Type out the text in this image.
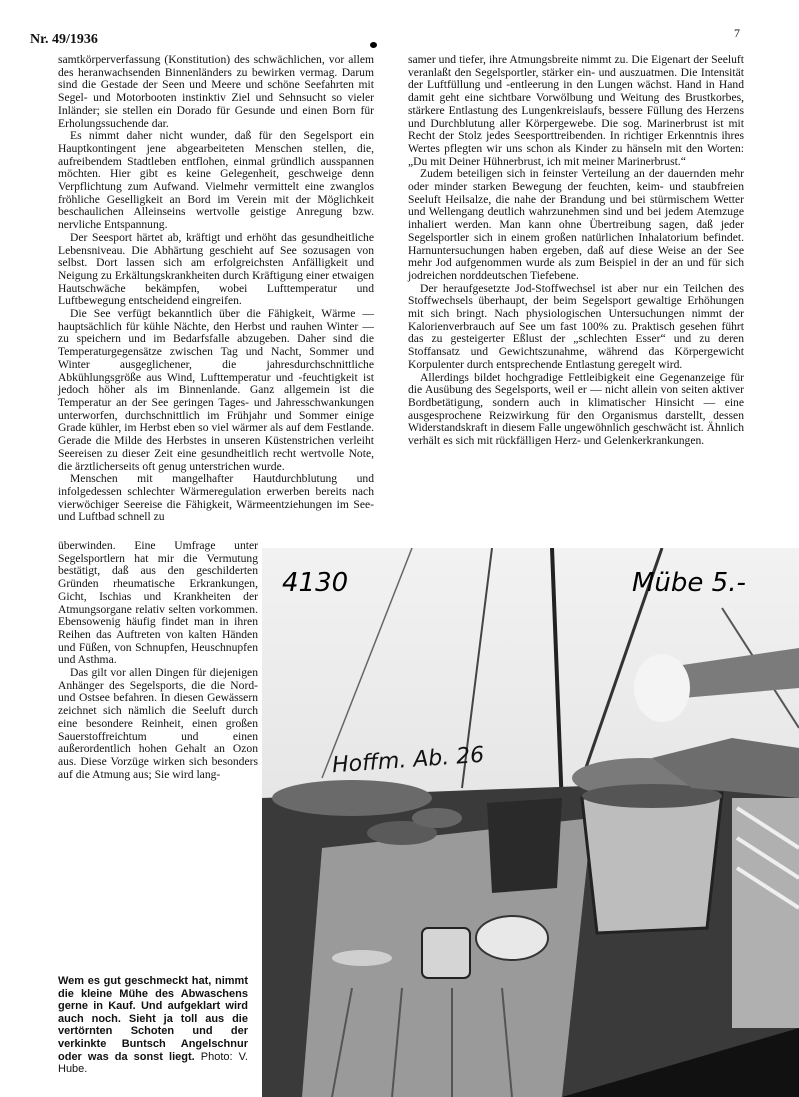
Nr. 49/1936	7

samtkörperverfassung (Konstitution) des schwächlichen, vor allem des heranwachsenden Binnenländers zu bewirken vermag. Darum sind die Gestade der Seen und Meere und schöne Seefahrten mit Segel- und Motorbooten instinktiv Ziel und Sehnsucht so vieler Inländer; sie stellen ein Dorado für Gesunde und einen Born für Erholungssuchende dar.

Es nimmt daher nicht wunder, daß für den Segelsport ein Hauptkontingent jene abgearbeiteten Menschen stellen, die, aufreibendem Stadtleben entflohen, einmal gründlich ausspannen möchten. Hier gibt es keine Gelegenheit, geschweige denn Verpflichtung zum Aufwand. Vielmehr vermittelt eine zwanglos fröhliche Geselligkeit an Bord im Verein mit der Möglichkeit beschaulichen Alleinseins wertvolle geistige Anregung bzw. nervliche Entspannung.

Der Seesport härtet ab, kräftigt und erhöht das gesundheitliche Lebensniveau. Die Abhärtung geschieht auf See sozusagen von selbst. Dort lassen sich am erfolgreichsten Anfälligkeit und Neigung zu Erkältungskrankheiten durch Kräftigung einer etwaigen Hautschwäche bekämpfen, wobei Lufttemperatur und Luftbewegung entscheidend eingreifen.

Die See verfügt bekanntlich über die Fähigkeit, Wärme — hauptsächlich für kühle Nächte, den Herbst und rauhen Winter — zu speichern und im Bedarfsfalle abzugeben. Daher sind die Temperaturgegensätze zwischen Tag und Nacht, Sommer und Winter ausgeglichener, die jahresdurchschnittliche Abkühlungsgröße aus Wind, Lufttemperatur und -feuchtigkeit ist jedoch höher als im Binnenlande. Ganz allgemein ist die Temperatur an der See geringen Tages- und Jahresschwankungen unterworfen, durchschnittlich im Frühjahr und Sommer einige Grade kühler, im Herbst eben so viel wärmer als auf dem Festlande. Gerade die Milde des Herbstes in unseren Küstenstrichen verleiht Seereisen zu dieser Zeit eine gesundheitlich recht wertvolle Note, die ärztlicherseits oft genug unterstrichen wurde.

Menschen mit mangelhafter Hautdurchblutung und infolgedessen schlechter Wärmeregulation erwerben bereits nach vierwöchiger Seereise die Fähigkeit, Wärmeentziehungen im See- und Luftbad schnell zu

überwinden. Eine Umfrage unter Segelsportlern hat mir die Vermutung bestätigt, daß aus den geschilderten Gründen rheumatische Erkrankungen, Gicht, Ischias und Krankheiten der Atmungsorgane relativ selten vorkommen. Ebensowenig häufig findet man in ihren Reihen das Auftreten von kalten Händen und Füßen, von Schnupfen, Heuschnupfen und Asthma.

Das gilt vor allen Dingen für diejenigen Anhänger des Segelsports, die die Nord- und Ostsee befahren. In diesen Gewässern zeichnet sich nämlich die Seeluft durch eine besondere Reinheit, einen großen Sauerstoffreichtum und einen außerordentlich hohen Gehalt an Ozon aus. Diese Vorzüge wirken sich besonders auf die Atmung aus; Sie wird lang-

samer und tiefer, ihre Atmungsbreite nimmt zu. Die Eigenart der Seeluft veranlaßt den Segelsportler, stärker ein- und auszuatmen. Die Intensität der Luftfüllung und -entleerung in den Lungen wächst. Hand in Hand damit geht eine sichtbare Vorwölbung und Weitung des Brustkorbes, stärkere Entlastung des Lungenkreislaufs, bessere Füllung des Herzens und Durchblutung aller Körpergewebe. Die sog. Marinerbrust ist mit Recht der Stolz jedes Seesporttreibenden. In richtiger Erkenntnis ihres Wertes pflegten wir uns schon als Kinder zu hänseln mit den Worten: „Du mit Deiner Hühnerbrust, ich mit meiner Marinerbrust.“

Zudem beteiligen sich in feinster Verteilung an der dauernden mehr oder minder starken Bewegung der feuchten, keim- und staubfreien Seeluft Heilsalze, die nahe der Brandung und bei stürmischem Wetter und Wellengang deutlich wahrzunehmen sind und bei jedem Atemzuge inhaliert werden. Man kann ohne Übertreibung sagen, daß jeder Segelsportler sich in einem großen natürlichen Inhalatorium befindet. Harnuntersuchungen haben ergeben, daß auf diese Weise an der See mehr Jod aufgenommen wurde als zum Beispiel in der an und für sich jodreichen norddeutschen Tiefebene.

Der heraufgesetzte Jod-Stoffwechsel ist aber nur ein Teilchen des Stoffwechsels überhaupt, der beim Segelsport gewaltige Erhöhungen mit sich bringt. Nach physiologischen Untersuchungen nimmt der Kalorienverbrauch auf See um fast 100% zu. Praktisch gesehen führt das zu gesteigerter Eßlust der „schlechten Esser“ und zu deren Stoffansatz und Gewichtszunahme, während das Körpergewicht Korpulenter durch entsprechende Entlastung geregelt wird.

Allerdings bildet hochgradige Fettleibigkeit eine Gegenanzeige für die Ausübung des Segelsports, weil er — nicht allein von seiten aktiver Bordbetätigung, sondern auch in klimatischer Hinsicht — eine ausgesprochene Reizwirkung für den Organismus darstellt, dessen Widerstandskraft in diesem Falle ungewöhnlich geschwächt ist. Ähnlich verhält es sich mit rückfälligen Herz- und Gelenkerkrankungen.

4130	Mübe 5.-
Hoffm. Ab. 26
Wem es gut geschmeckt hat, nimmt die kleine Mühe des Abwaschens gerne in Kauf. Und aufgeklart wird auch noch. Sieht ja toll aus die vertörnten Schoten und der verkinkte Buntsch Angelschnur oder was da sonst liegt. Photo: V. Hube.
